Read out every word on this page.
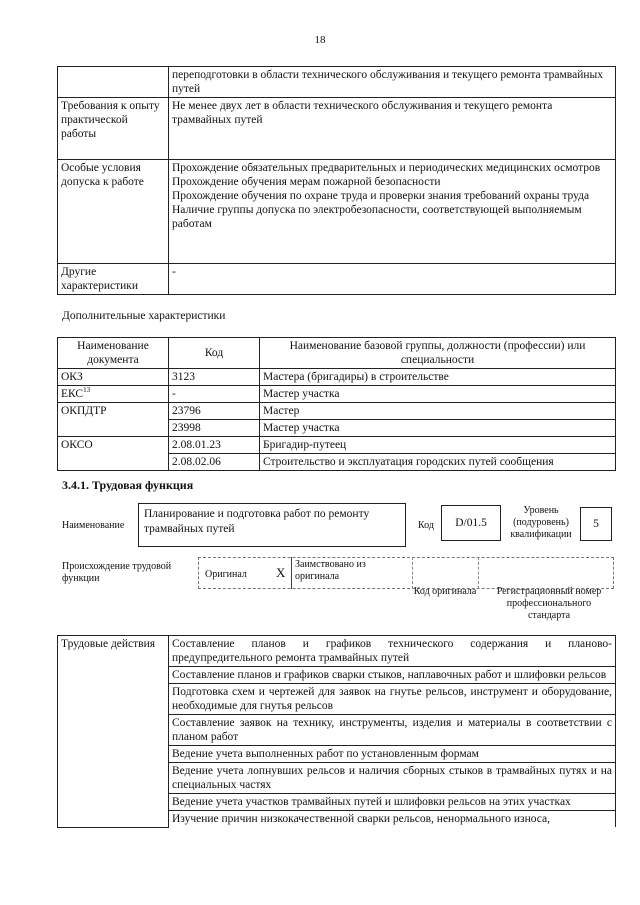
18
	переподготовки в области технического обслуживания и текущего ремонта трамвайных путей
Требования к опыту практической работы	Не менее двух лет в области технического обслуживания и текущего ремонта трамвайных путей
Особые условия допуска к работе	Прохождение обязательных предварительных и периодических медицинских осмотров
Прохождение обучения мерам пожарной безопасности
Прохождение обучения по охране труда и проверки знания требований охраны труда
Наличие группы допуска по электробезопасности, соответствующей выполняемым работам

Другие характеристики	-
Дополнительные характеристики
Наименование документа	Код	Наименование базовой группы, должности (профессии) или специальности
ОКЗ	3123	Мастера (бригадиры) в строительстве
ЕКС$^{13}$	-	Мастер участка
ОКПДТР	23796	Мастер
	23998	Мастер участка
ОКСО	2.08.01.23	Бригадир-путеец
	2.08.02.06	Строительство и эксплуатация городских путей сообщения
3.4.1. Трудовая функция
Наименование
Планирование и подготовка работ по ремонту трамвайных путей	Код	D/01.5
Уровень (подуровень) квалификации
5
Происхождение трудовой функции	Оригинал X
Заимствовано из оригинала
Код оригинала	Регистрационный номер профессионального стандарта
Трудовые действия	Составление планов и графиков технического содержания и планово-предупредительного ремонта трамвайных путей
Составление планов и графиков сварки стыков, наплавочных работ и шлифовки рельсов
Подготовка схем и чертежей для заявок на гнутье рельсов, инструмент и оборудование, необходимые для гнутья рельсов
Составление заявок на технику, инструменты, изделия и материалы в соответствии с планом работ
Ведение учета выполненных работ по установленным формам
Ведение учета лопнувших рельсов и наличия сборных стыков в трамвайных путях и на специальных частях
Ведение учета участков трамвайных путей и шлифовки рельсов на этих участках
Изучение причин низкокачественной сварки рельсов, ненормального износа,
